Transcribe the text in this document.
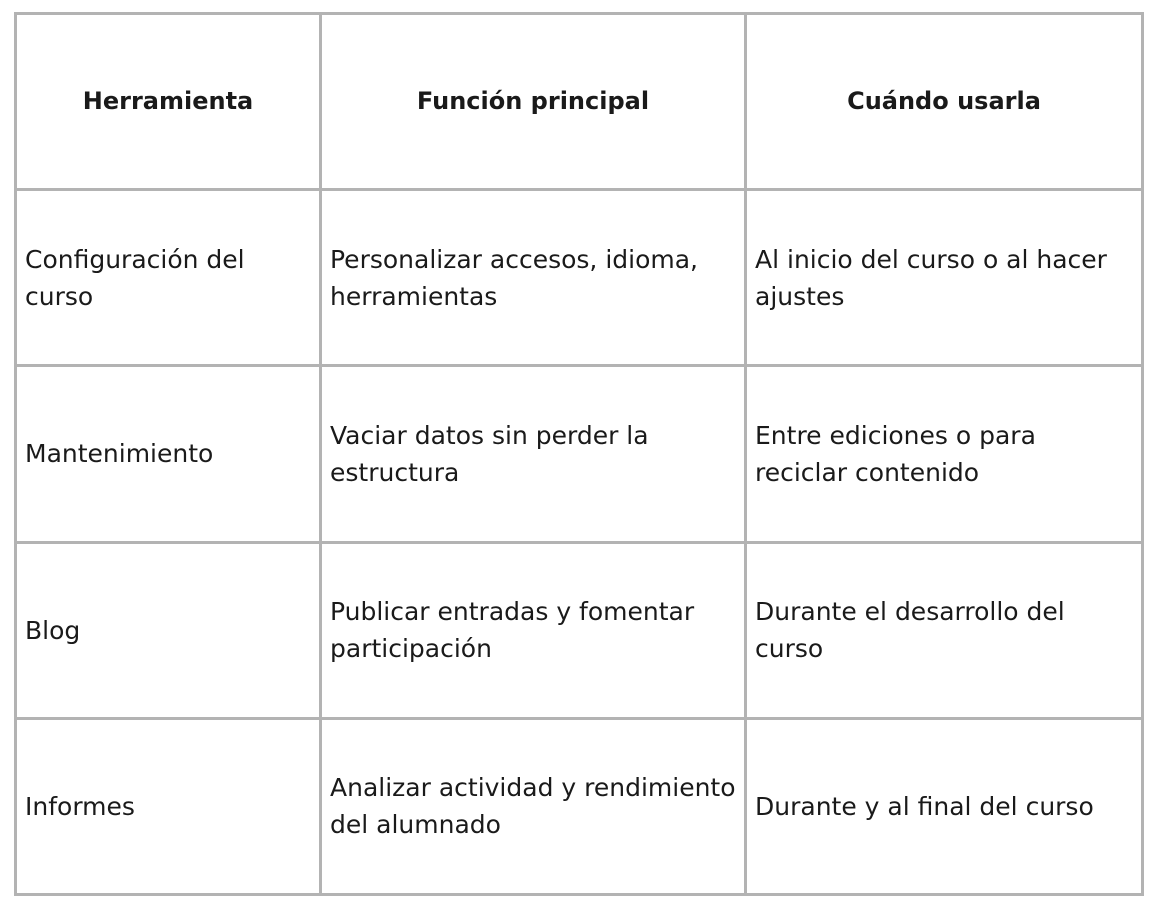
Herramienta	Función principal	Cuándo usarla
Configuración del curso	Personalizar accesos, idioma, herramientas	Al inicio del curso o al hacer ajustes
Mantenimiento	Vaciar datos sin perder la estructura	Entre ediciones o para reciclar contenido
Blog	Publicar entradas y fomentar participación	Durante el desarrollo del curso
Informes	Analizar actividad y rendimiento del alumnado	Durante y al final del curso
